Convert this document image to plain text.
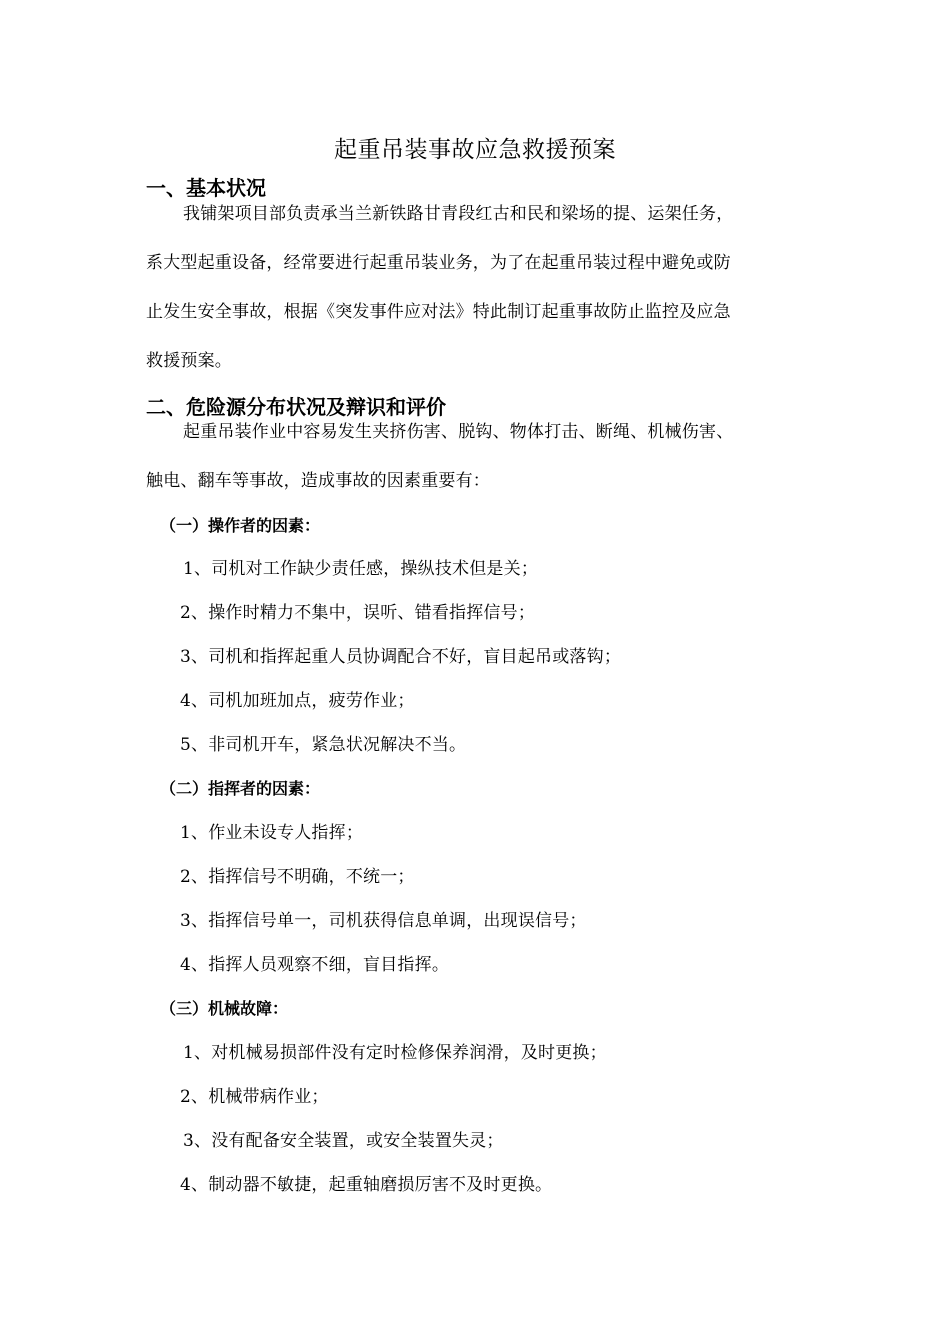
起重吊装事故应急救援预案
一、基本状况
我铺架项目部负责承当兰新铁路甘青段红古和民和梁场的提、运架任务，
系大型起重设备，经常要进行起重吊装业务，为了在起重吊装过程中避免或防
止发生安全事故，根据《突发事件应对法》特此制订起重事故防止监控及应急
救援预案。
二、危险源分布状况及辩识和评价
起重吊装作业中容易发生夹挤伤害、脱钩、物体打击、断绳、机械伤害、
触电、翻车等事故，造成事故的因素重要有：
（一）操作者的因素：
1、司机对工作缺少责任感，操纵技术但是关；
2、操作时精力不集中，误听、错看指挥信号；
3、司机和指挥起重人员协调配合不好，盲目起吊或落钩；
4、司机加班加点，疲劳作业；
5、非司机开车，紧急状况解决不当。
（二）指挥者的因素：
1、作业未设专人指挥；
2、指挥信号不明确，不统一；
3、指挥信号单一，司机获得信息单调，出现误信号；
4、指挥人员观察不细，盲目指挥。
（三）机械故障：
1、对机械易损部件没有定时检修保养润滑，及时更换；
2、机械带病作业；
3、没有配备安全装置，或安全装置失灵；
4、制动器不敏捷，起重轴磨损厉害不及时更换。
